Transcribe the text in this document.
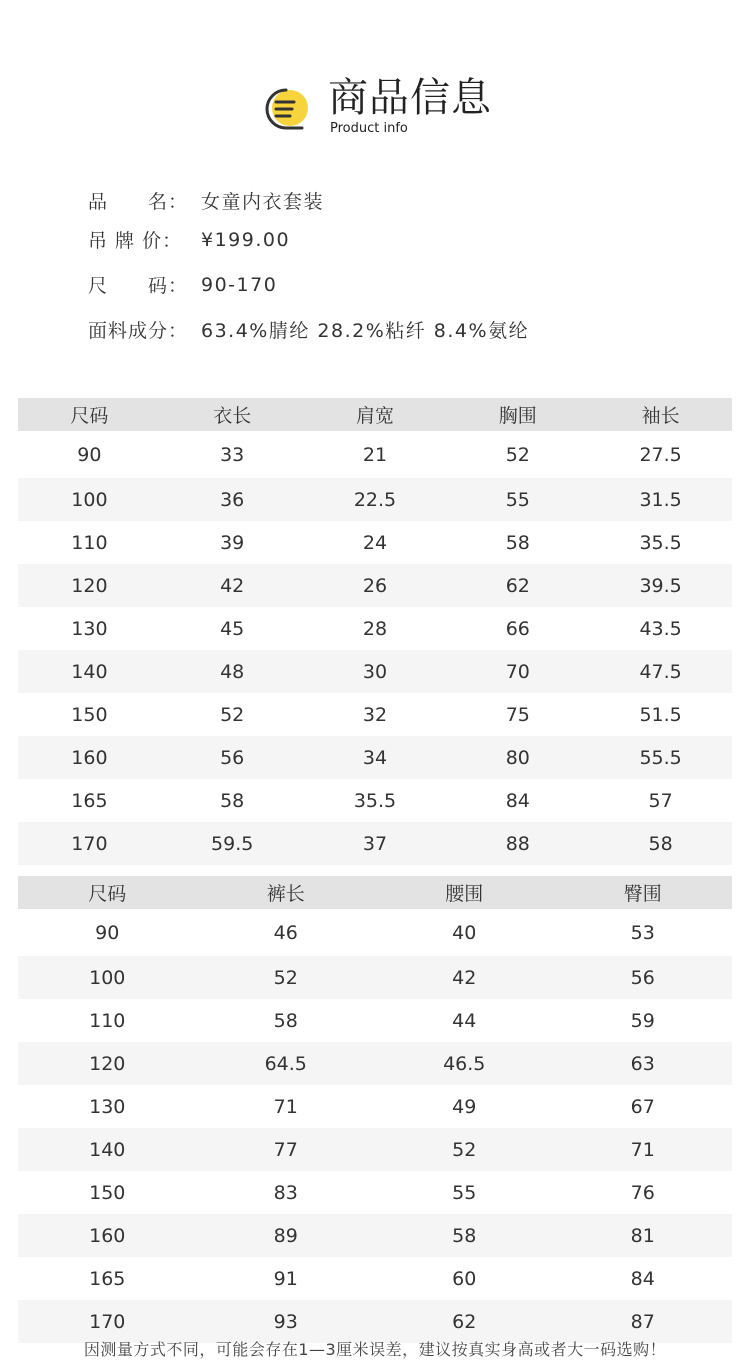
商品信息
Product info
品　　名： 女童内衣套装
吊 牌 价： ¥199.00
尺　　码： 90-170
面料成分： 63.4%腈纶 28.2%粘纤 8.4%氨纶
尺码	衣长	肩宽	胸围	袖长
90	33	21	52	27.5
100	36	22.5	55	31.5
110	39	24	58	35.5
120	42	26	62	39.5
130	45	28	66	43.5
140	48	30	70	47.5
150	52	32	75	51.5
160	56	34	80	55.5
165	58	35.5	84	57
170	59.5	37	88	58
尺码	裤长	腰围	臀围
90	46	40	53
100	52	42	56
110	58	44	59
120	64.5	46.5	63
130	71	49	67
140	77	52	71
150	83	55	76
160	89	58	81
165	91	60	84
170	93	62	87
因测量方式不同，可能会存在1—3厘米误差，建议按真实身高或者大一码选购！
